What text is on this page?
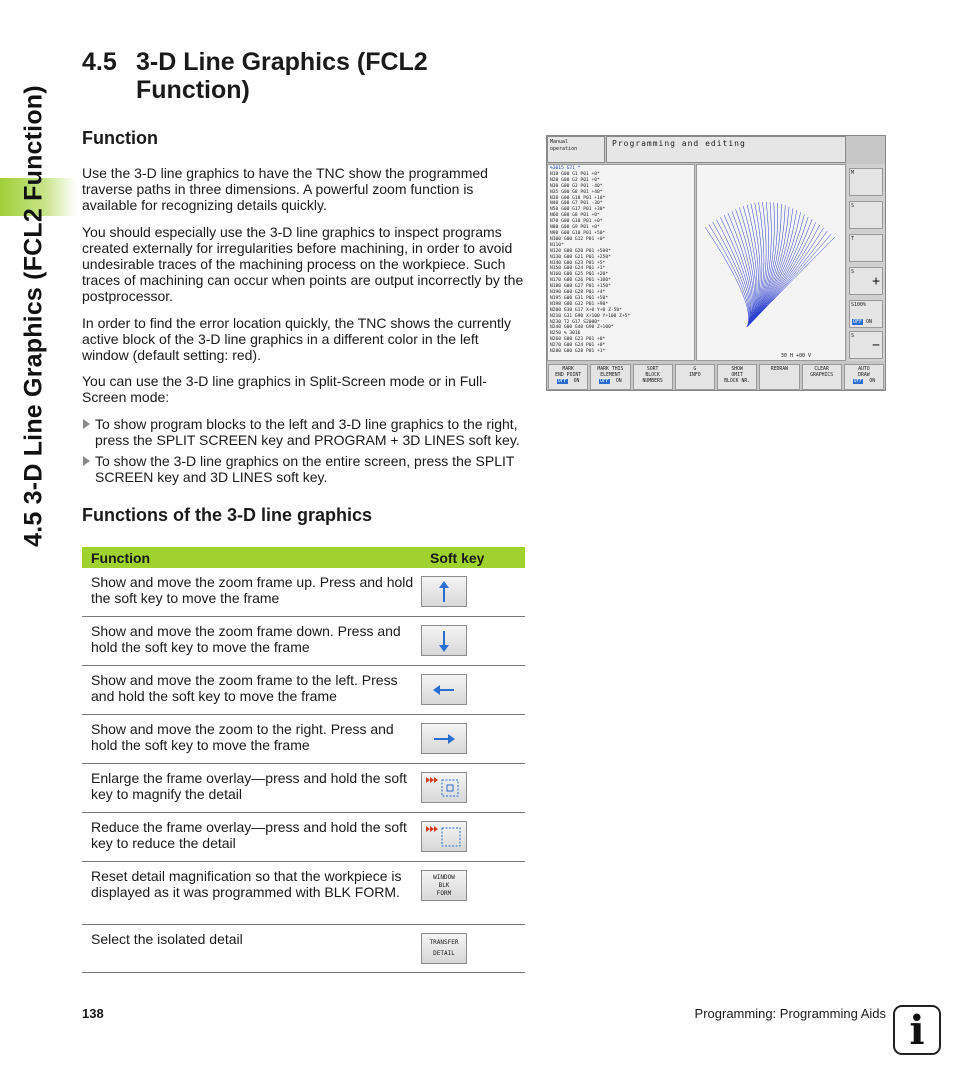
4.5 3-D Line Graphics (FCL2 Function)
4.5 3-D Line Graphics (FCL2
Function)
Function

Use the 3-D line graphics to have the TNC show the programmed traverse paths in three dimensions. A powerful zoom function is available for recognizing details quickly.

You should especially use the 3-D line graphics to inspect programs created externally for irregularities before machining, in order to avoid undesirable traces of the machining process on the workpiece. Such traces of machining can occur when points are output incorrectly by the postprocessor.

In order to find the error location quickly, the TNC shows the currently active block of the 3-D line graphics in a different color in the left window (default setting: red).

You can use the 3-D line graphics in Split-Screen mode or in Full-Screen mode:

To show program blocks to the left and 3-D line graphics to the right, press the SPLIT SCREEN key and PROGRAM + 3D LINES soft key.
To show the 3-D line graphics on the entire screen, press the SPLIT SCREEN key and 3D LINES soft key.
Functions of the 3-D line graphics
Function	Soft key
Show and move the zoom frame up. Press and hold the soft key to move the frame	

Show and move the zoom frame down. Press and hold the soft key to move the frame	

Show and move the zoom frame to the left. Press and hold the soft key to move the frame	

Show and move the zoom to the right. Press and hold the soft key to move the frame	

Enlarge the frame overlay—press and hold the soft key to magnify the detail	

Reduce the frame overlay—press and hold the soft key to reduce the detail	

Reset detail magnification so that the workpiece is displayed as it was programmed with BLK FORM.	WINDOW
BLK
FORM

Select the isolated detail	TRANSFER
DETAIL
Manual
operation
Programming and editing
%3015 G71 *
N10 G00 G1 P01 +0*
N20 G00 G2 P01 +0*
N30 G00 G3 P01 -40*
N35 G00 G8 P01 +40*
N38 G00 G18 P01 +10*
N40 G00 G7 P01 -30*
N50 G00 G17 P01 +30*
N60 G00 G8 P01 +0*
N70 G00 G10 P01 +0*
N80 G00 G9 P01 +0*
N90 G00 G10 P01 +50*
N100 G00 G12 P01 +0*
N110*
N120 G00 G20 P01 +500*
N130 G00 G21 P01 +250*
N140 G00 G23 P01 +5*
N150 G00 G24 P01 +1*
N160 G00 G25 P01 +20*
N170 G00 G26 P01 +100*
N180 G00 G27 P01 +150*
N190 G00 G28 P01 +4*
N195 G00 G31 P01 +50*
N198 G00 G32 P01 +90*
N200 G30 G17 X+0 Y+0 Z-50*
N210 G31 G90 X+100 Y+100 Z+5*
N230 T2 G17 S2000*
N240 G00 G40 G90 Z+100*
N250 % 3016
N260 G00 G23 P01 +0*
N270 G00 G24 P01 +0*
N280 G00 G28 P01 +1*
30 H +00 V
M
S
T
S
+
S100%
OFF ON
S
−
MARK
END POINT
OFF ON
MARK THIS
ELEMENT
OFF ON
SORT
BLOCK
NUMBERS
G
INFO
SHOW
OMIT
BLOCK NR.
REDRAW	CLEAR
GRAPHICS
AUTO
DRAW
OFF ON
138	Programming: Programming Aids i
